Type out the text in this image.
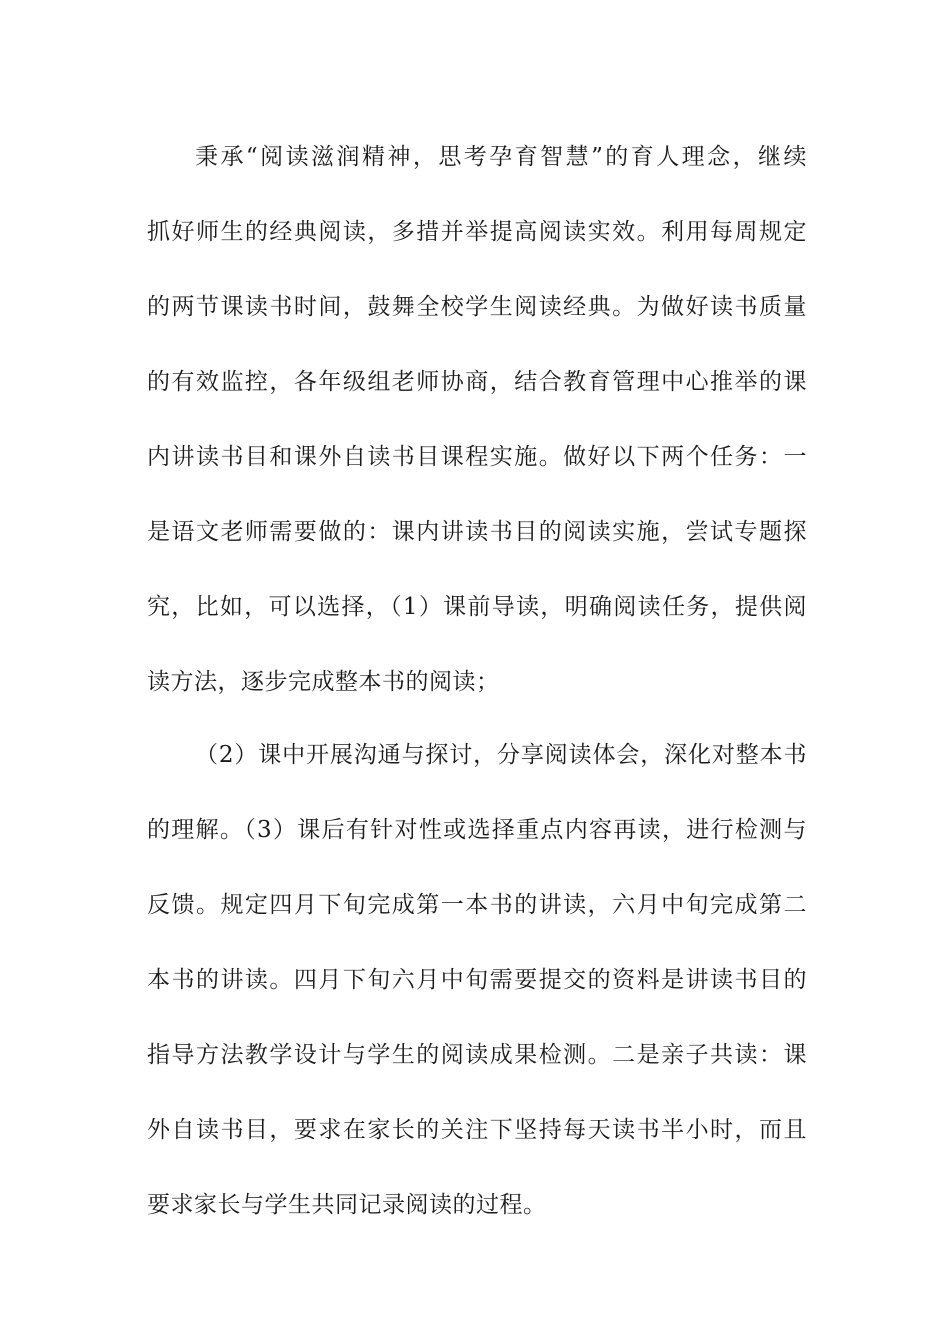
秉承“阅读滋润精神，思考孕育智慧”的育人理念，继续
抓好师生的经典阅读，多措并举提高阅读实效。利用每周规定
的两节课读书时间，鼓舞全校学生阅读经典。为做好读书质量
的有效监控，各年级组老师协商，结合教育管理中心推举的课
内讲读书目和课外自读书目课程实施。做好以下两个任务：一
是语文老师需要做的：课内讲读书目的阅读实施，尝试专题探
究，比如，可以选择，（1）课前导读，明确阅读任务，提供阅
读方法，逐步完成整本书的阅读；
（2）课中开展沟通与探讨，分享阅读体会，深化对整本书
的理解。（3）课后有针对性或选择重点内容再读，进行检测与
反馈。规定四月下旬完成第一本书的讲读，六月中旬完成第二
本书的讲读。四月下旬六月中旬需要提交的资料是讲读书目的
指导方法教学设计与学生的阅读成果检测。二是亲子共读：课
外自读书目，要求在家长的关注下坚持每天读书半小时，而且
要求家长与学生共同记录阅读的过程。
